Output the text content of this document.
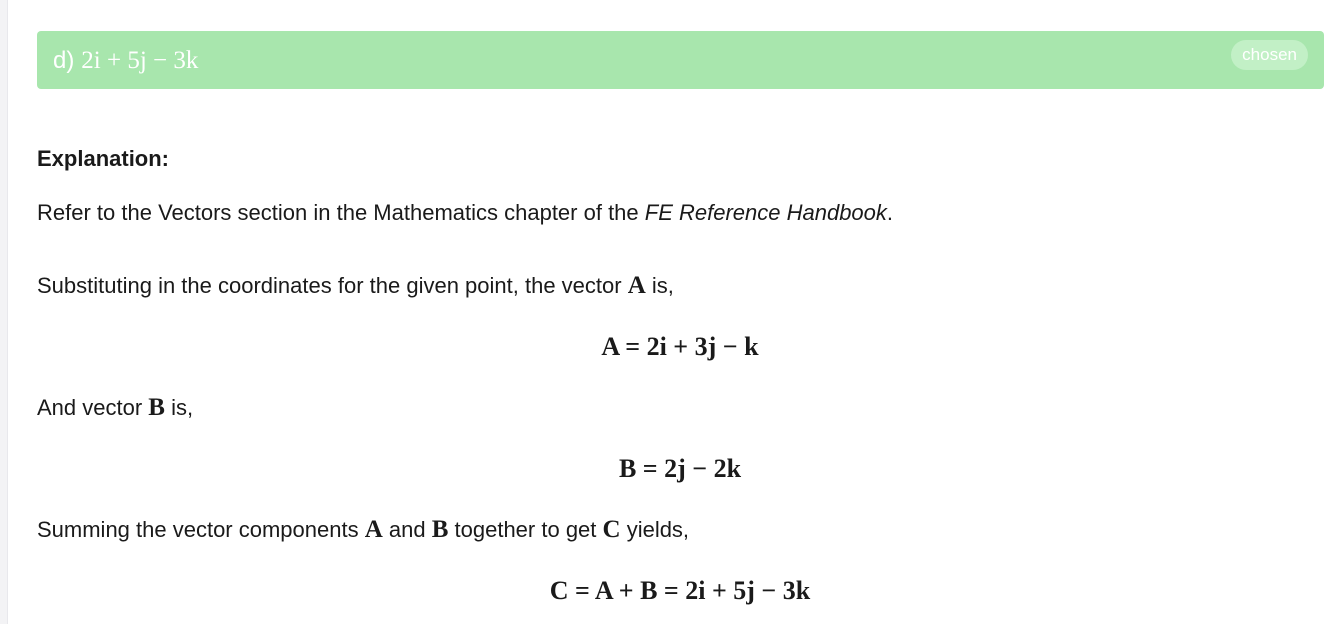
d) 2i + 5j − 3k	chosen
Explanation:
Refer to the Vectors section in the Mathematics chapter of the FE Reference Handbook.
Substituting in the coordinates for the given point, the vector A is,
A = 2i + 3j − k
And vector B is,
B = 2j − 2k
Summing the vector components A and B together to get C yields,
C = A + B = 2i + 5j − 3k
